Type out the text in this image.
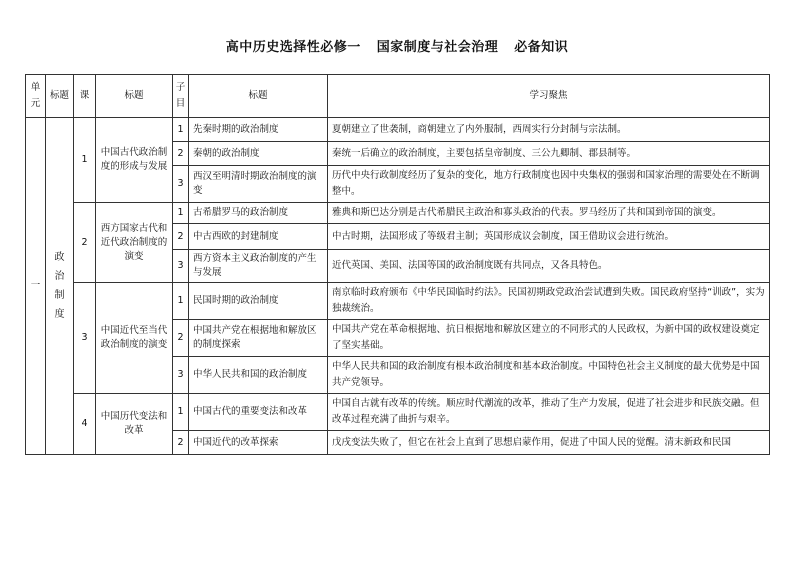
高中历史选择性必修一 国家制度与社会治理 必备知识
单元	标题	课	标题	子目	标题	学习聚焦
一	政治制度	1	中国古代政治制度的形成与发展	1	先秦时期的政治制度	夏朝建立了世袭制，商朝建立了内外服制，西周实行分封制与宗法制。
				2	秦朝的政治制度	秦统一后确立的政治制度，主要包括皇帝制度、三公九卿制、郡县制等。
				3	西汉至明清时期政治制度的演变	历代中央行政制度经历了复杂的变化，地方行政制度也因中央集权的强弱和国家治理的需要处在不断调整中。
		2	西方国家古代和近代政治制度的演变	1	古希腊罗马的政治制度	雅典和斯巴达分别是古代希腊民主政治和寡头政治的代表。罗马经历了共和国到帝国的演变。
				2	中古西欧的封建制度	中古时期，法国形成了等级君主制；英国形成议会制度，国王借助议会进行统治。
				3	西方资本主义政治制度的产生与发展	近代英国、美国、法国等国的政治制度既有共同点，又各具特色。
		3	中国近代至当代政治制度的演变	1	民国时期的政治制度	南京临时政府颁布《中华民国临时约法》。民国初期政党政治尝试遭到失败。国民政府坚持“训政”，实为独裁统治。
				2	中国共产党在根据地和解放区的制度探索	中国共产党在革命根据地、抗日根据地和解放区建立的不同形式的人民政权，为新中国的政权建设奠定了坚实基础。
				3	中华人民共和国的政治制度	中华人民共和国的政治制度有根本政治制度和基本政治制度。中国特色社会主义制度的最大优势是中国共产党领导。
		4	中国历代变法和改革	1	中国古代的重要变法和改革	中国自古就有改革的传统。顺应时代潮流的改革，推动了生产力发展，促进了社会进步和民族交融。但改革过程充满了曲折与艰辛。
				2	中国近代的改革探索	戊戌变法失败了，但它在社会上直到了思想启蒙作用，促进了中国人民的觉醒。清末新政和民国
